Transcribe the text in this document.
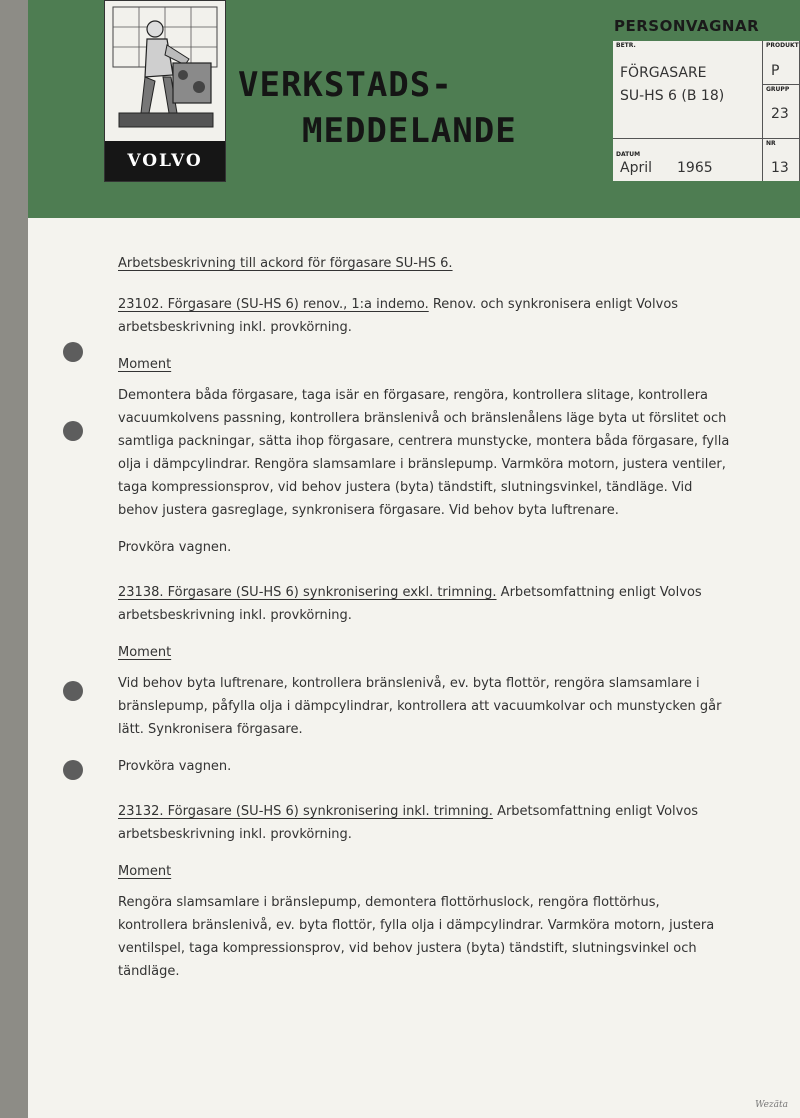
VOLVO
VERKSTADS-
MEDDELANDE
PERSONVAGNAR
BETR.
FÖRGASARE
SU-HS 6 (B 18)
PRODUKT
P
GRUPP
23
DATUM
April 1965
NR
13

Arbetsbeskrivning till ackord för förgasare SU-HS 6.

23102. Förgasare (SU-HS 6) renov., 1:a indemo. Renov. och synkronisera enligt Volvos arbetsbeskrivning inkl. provkörning.

Moment

Demontera båda förgasare, taga isär en förgasare, rengöra, kontrollera slitage, kontrollera vacuumkolvens passning, kontrollera bränslenivå och bränslenålens läge byta ut förslitet och samtliga packningar, sätta ihop förgasare, centrera munstycke, montera båda förgasare, fylla olja i dämpcylindrar. Rengöra slamsamlare i bränslepump. Varmköra motorn, justera ventiler, taga kompressionsprov, vid behov justera (byta) tändstift, slutningsvinkel, tändläge. Vid behov justera gasreglage, synkronisera förgasare. Vid behov byta luftrenare.

Provköra vagnen.

23138. Förgasare (SU-HS 6) synkronisering exkl. trimning. Arbetsomfattning enligt Volvos arbetsbeskrivning inkl. provkörning.

Moment

Vid behov byta luftrenare, kontrollera bränslenivå, ev. byta flottör, rengöra slamsamlare i bränslepump, påfylla olja i dämpcylindrar, kontrollera att vacuumkolvar och munstycken går lätt. Synkronisera förgasare.

Provköra vagnen.

23132. Förgasare (SU-HS 6) synkronisering inkl. trimning. Arbetsomfattning enligt Volvos arbetsbeskrivning inkl. provkörning.

Moment

Rengöra slamsamlare i bränslepump, demontera flottörhuslock, rengöra flottörhus, kontrollera bränslenivå, ev. byta flottör, fylla olja i dämpcylindrar. Varmköra motorn, justera ventilspel, taga kompressionsprov, vid behov justera (byta) tändstift, slutningsvinkel och tändläge.

Wezäta
